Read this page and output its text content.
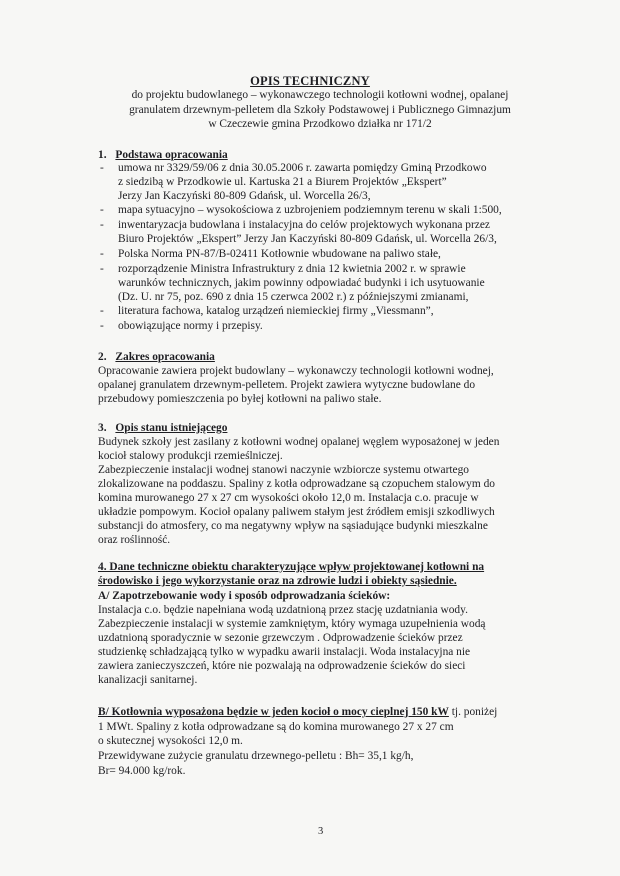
OPIS TECHNICZNY
do projektu budowlanego – wykonawczego technologii kotłowni wodnej, opalanej
granulatem drzewnym-pelletem dla Szkoły Podstawowej i Publicznego Gimnazjum
w Czeczewie gmina Przodkowo działka nr 171/2
1. Podstawa opracowania
- umowa nr 3329/59/06 z dnia 30.05.2006 r. zawarta pomiędzy Gminą Przodkowo
z siedzibą w Przodkowie ul. Kartuska 21 a Biurem Projektów „Ekspert”
Jerzy Jan Kaczyński 80-809 Gdańsk, ul. Worcella 26/3,
- mapa sytuacyjno – wysokościowa z uzbrojeniem podziemnym terenu w skali 1:500,
- inwentaryzacja budowlana i instalacyjna do celów projektowych wykonana przez
Biuro Projektów „Ekspert” Jerzy Jan Kaczyński 80-809 Gdańsk, ul. Worcella 26/3,
- Polska Norma PN-87/B-02411 Kotłownie wbudowane na paliwo stałe,
- rozporządzenie Ministra Infrastruktury z dnia 12 kwietnia 2002 r. w sprawie
warunków technicznych, jakim powinny odpowiadać budynki i ich usytuowanie
(Dz. U. nr 75, poz. 690 z dnia 15 czerwca 2002 r.) z późniejszymi zmianami,
- literatura fachowa, katalog urządzeń niemieckiej firmy „Viessmann”,
- obowiązujące normy i przepisy.
2. Zakres opracowania
Opracowanie zawiera projekt budowlany – wykonawczy technologii kotłowni wodnej,
opalanej granulatem drzewnym-pelletem. Projekt zawiera wytyczne budowlane do
przebudowy pomieszczenia po byłej kotłowni na paliwo stałe.
3. Opis stanu istniejącego
Budynek szkoły jest zasilany z kotłowni wodnej opalanej węglem wyposażonej w jeden
kocioł stalowy produkcji rzemieślniczej.
Zabezpieczenie instalacji wodnej stanowi naczynie wzbiorcze systemu otwartego
zlokalizowane na poddaszu. Spaliny z kotła odprowadzane są czopuchem stalowym do
komina murowanego 27 x 27 cm wysokości około 12,0 m. Instalacja c.o. pracuje w
układzie pompowym. Kocioł opalany paliwem stałym jest źródłem emisji szkodliwych
substancji do atmosfery, co ma negatywny wpływ na sąsiadujące budynki mieszkalne
oraz roślinność.
4. Dane techniczne obiektu charakteryzujące wpływ projektowanej kotłowni na
środowisko i jego wykorzystanie oraz na zdrowie ludzi i obiekty sąsiednie.
A/ Zapotrzebowanie wody i sposób odprowadzania ścieków:
Instalacja c.o. będzie napełniana wodą uzdatnioną przez stację uzdatniania wody.
Zabezpieczenie instalacji w systemie zamkniętym, który wymaga uzupełnienia wodą
uzdatnioną sporadycznie w sezonie grzewczym . Odprowadzenie ścieków przez
studzienkę schładzającą tylko w wypadku awarii instalacji. Woda instalacyjna nie
zawiera zanieczyszczeń, które nie pozwalają na odprowadzenie ścieków do sieci
kanalizacji sanitarnej.
B/ Kotłownia wyposażona będzie w jeden kocioł o mocy cieplnej 150 kW tj. poniżej
1 MWt. Spaliny z kotła odprowadzane są do komina murowanego 27 x 27 cm
o skutecznej wysokości 12,0 m.
Przewidywane zużycie granulatu drzewnego-pelletu : Bh= 35,1 kg/h,
Br= 94.000 kg/rok.
3
